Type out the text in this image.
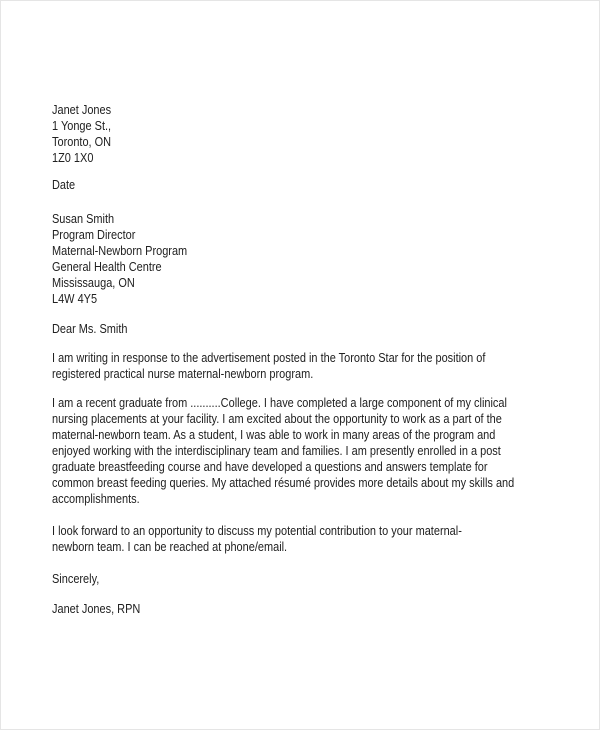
Janet Jones
1 Yonge St.,
Toronto, ON
1Z0 1X0
Date
Susan Smith
Program Director
Maternal-Newborn Program
General Health Centre
Mississauga, ON
L4W 4Y5
Dear Ms. Smith
I am writing in response to the advertisement posted in the Toronto Star for the position of
registered practical nurse maternal-newborn program.
I am a recent graduate from ..........College. I have completed a large component of my clinical
nursing placements at your facility. I am excited about the opportunity to work as a part of the
maternal-newborn team. As a student, I was able to work in many areas of the program and
enjoyed working with the interdisciplinary team and families. I am presently enrolled in a post
graduate breastfeeding course and have developed a questions and answers template for
common breast feeding queries. My attached résumé provides more details about my skills and
accomplishments.
I look forward to an opportunity to discuss my potential contribution to your maternal-
newborn team. I can be reached at phone/email.
Sincerely,
Janet Jones, RPN
